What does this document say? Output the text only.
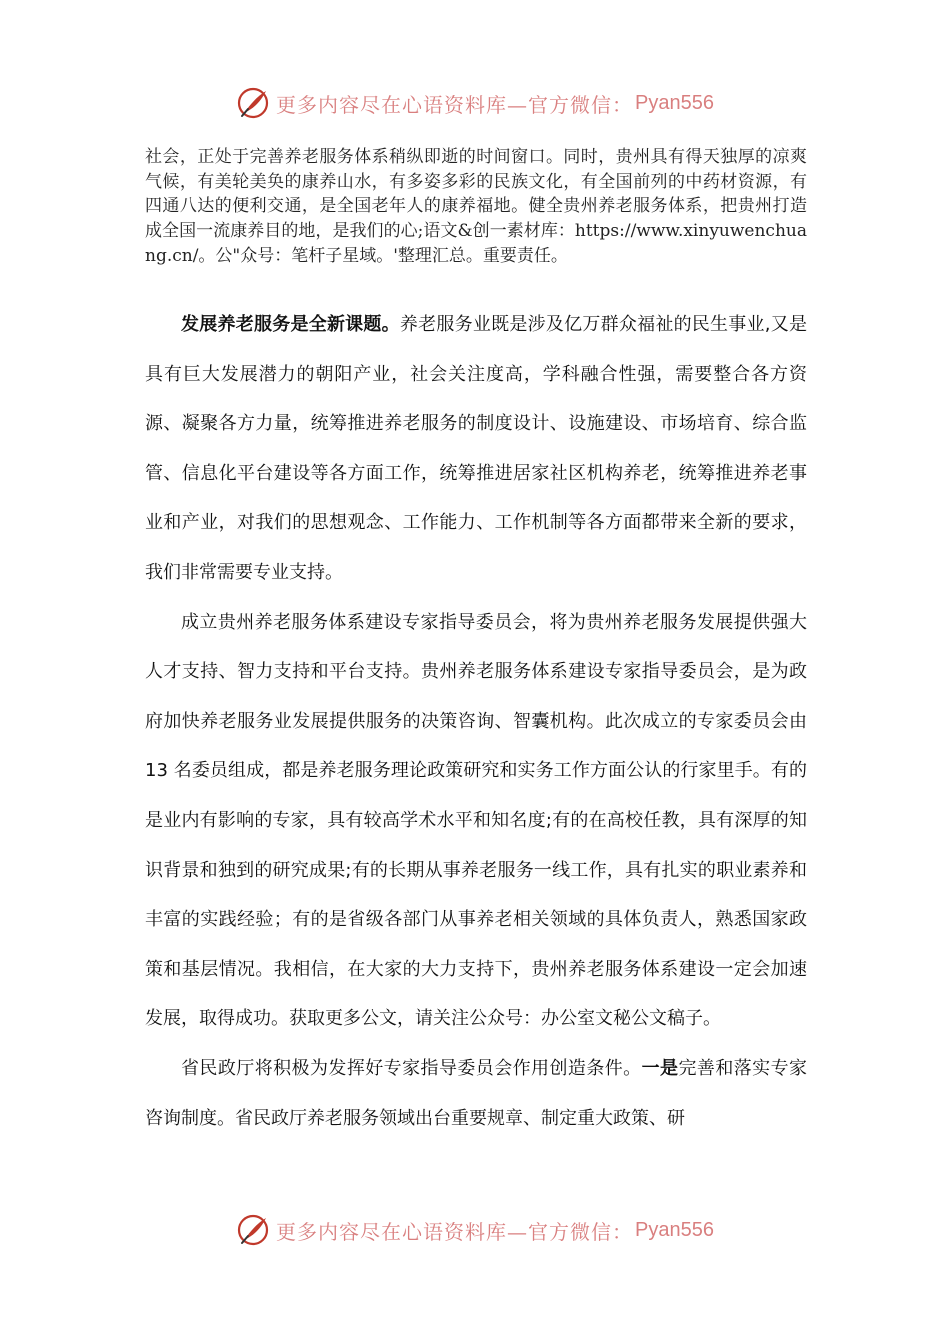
更多内容尽在心语资料库—官方微信： Pyan556

社会，正处于完善养老服务体系稍纵即逝的时间窗口。同时，贵州具有得天独厚的凉爽气候，有美轮美奂的康养山水，有多姿多彩的民族文化，有全国前列的中药材资源，有四通八达的便利交通，是全国老年人的康养福地。健全贵州养老服务体系，把贵州打造成全国一流康养目的地，是我们的心;语文&创一素材库：https://www.xinyuwenchuang.cn/。公"众号：笔杆子星域。'整理汇总。重要责任。

发展养老服务是全新课题。养老服务业既是涉及亿万群众福祉的民生事业,又是具有巨大发展潜力的朝阳产业，社会关注度高，学科融合性强，需要整合各方资源、凝聚各方力量，统筹推进养老服务的制度设计、设施建设、市场培育、综合监管、信息化平台建设等各方面工作，统筹推进居家社区机构养老，统筹推进养老事业和产业，对我们的思想观念、工作能力、工作机制等各方面都带来全新的要求，我们非常需要专业支持。

成立贵州养老服务体系建设专家指导委员会，将为贵州养老服务发展提供强大人才支持、智力支持和平台支持。贵州养老服务体系建设专家指导委员会，是为政府加快养老服务业发展提供服务的决策咨询、智囊机构。此次成立的专家委员会由 13 名委员组成，都是养老服务理论政策研究和实务工作方面公认的行家里手。有的是业内有影响的专家，具有较高学术水平和知名度;有的在高校任教，具有深厚的知识背景和独到的研究成果;有的长期从事养老服务一线工作，具有扎实的职业素养和丰富的实践经验；有的是省级各部门从事养老相关领域的具体负责人，熟悉国家政策和基层情况。我相信，在大家的大力支持下，贵州养老服务体系建设一定会加速发展，取得成功。获取更多公文，请关注公众号：办公室文秘公文稿子。

省民政厅将积极为发挥好专家指导委员会作用创造条件。一是完善和落实专家咨询制度。省民政厅养老服务领域出台重要规章、制定重大政策、研

更多内容尽在心语资料库—官方微信： Pyan556
